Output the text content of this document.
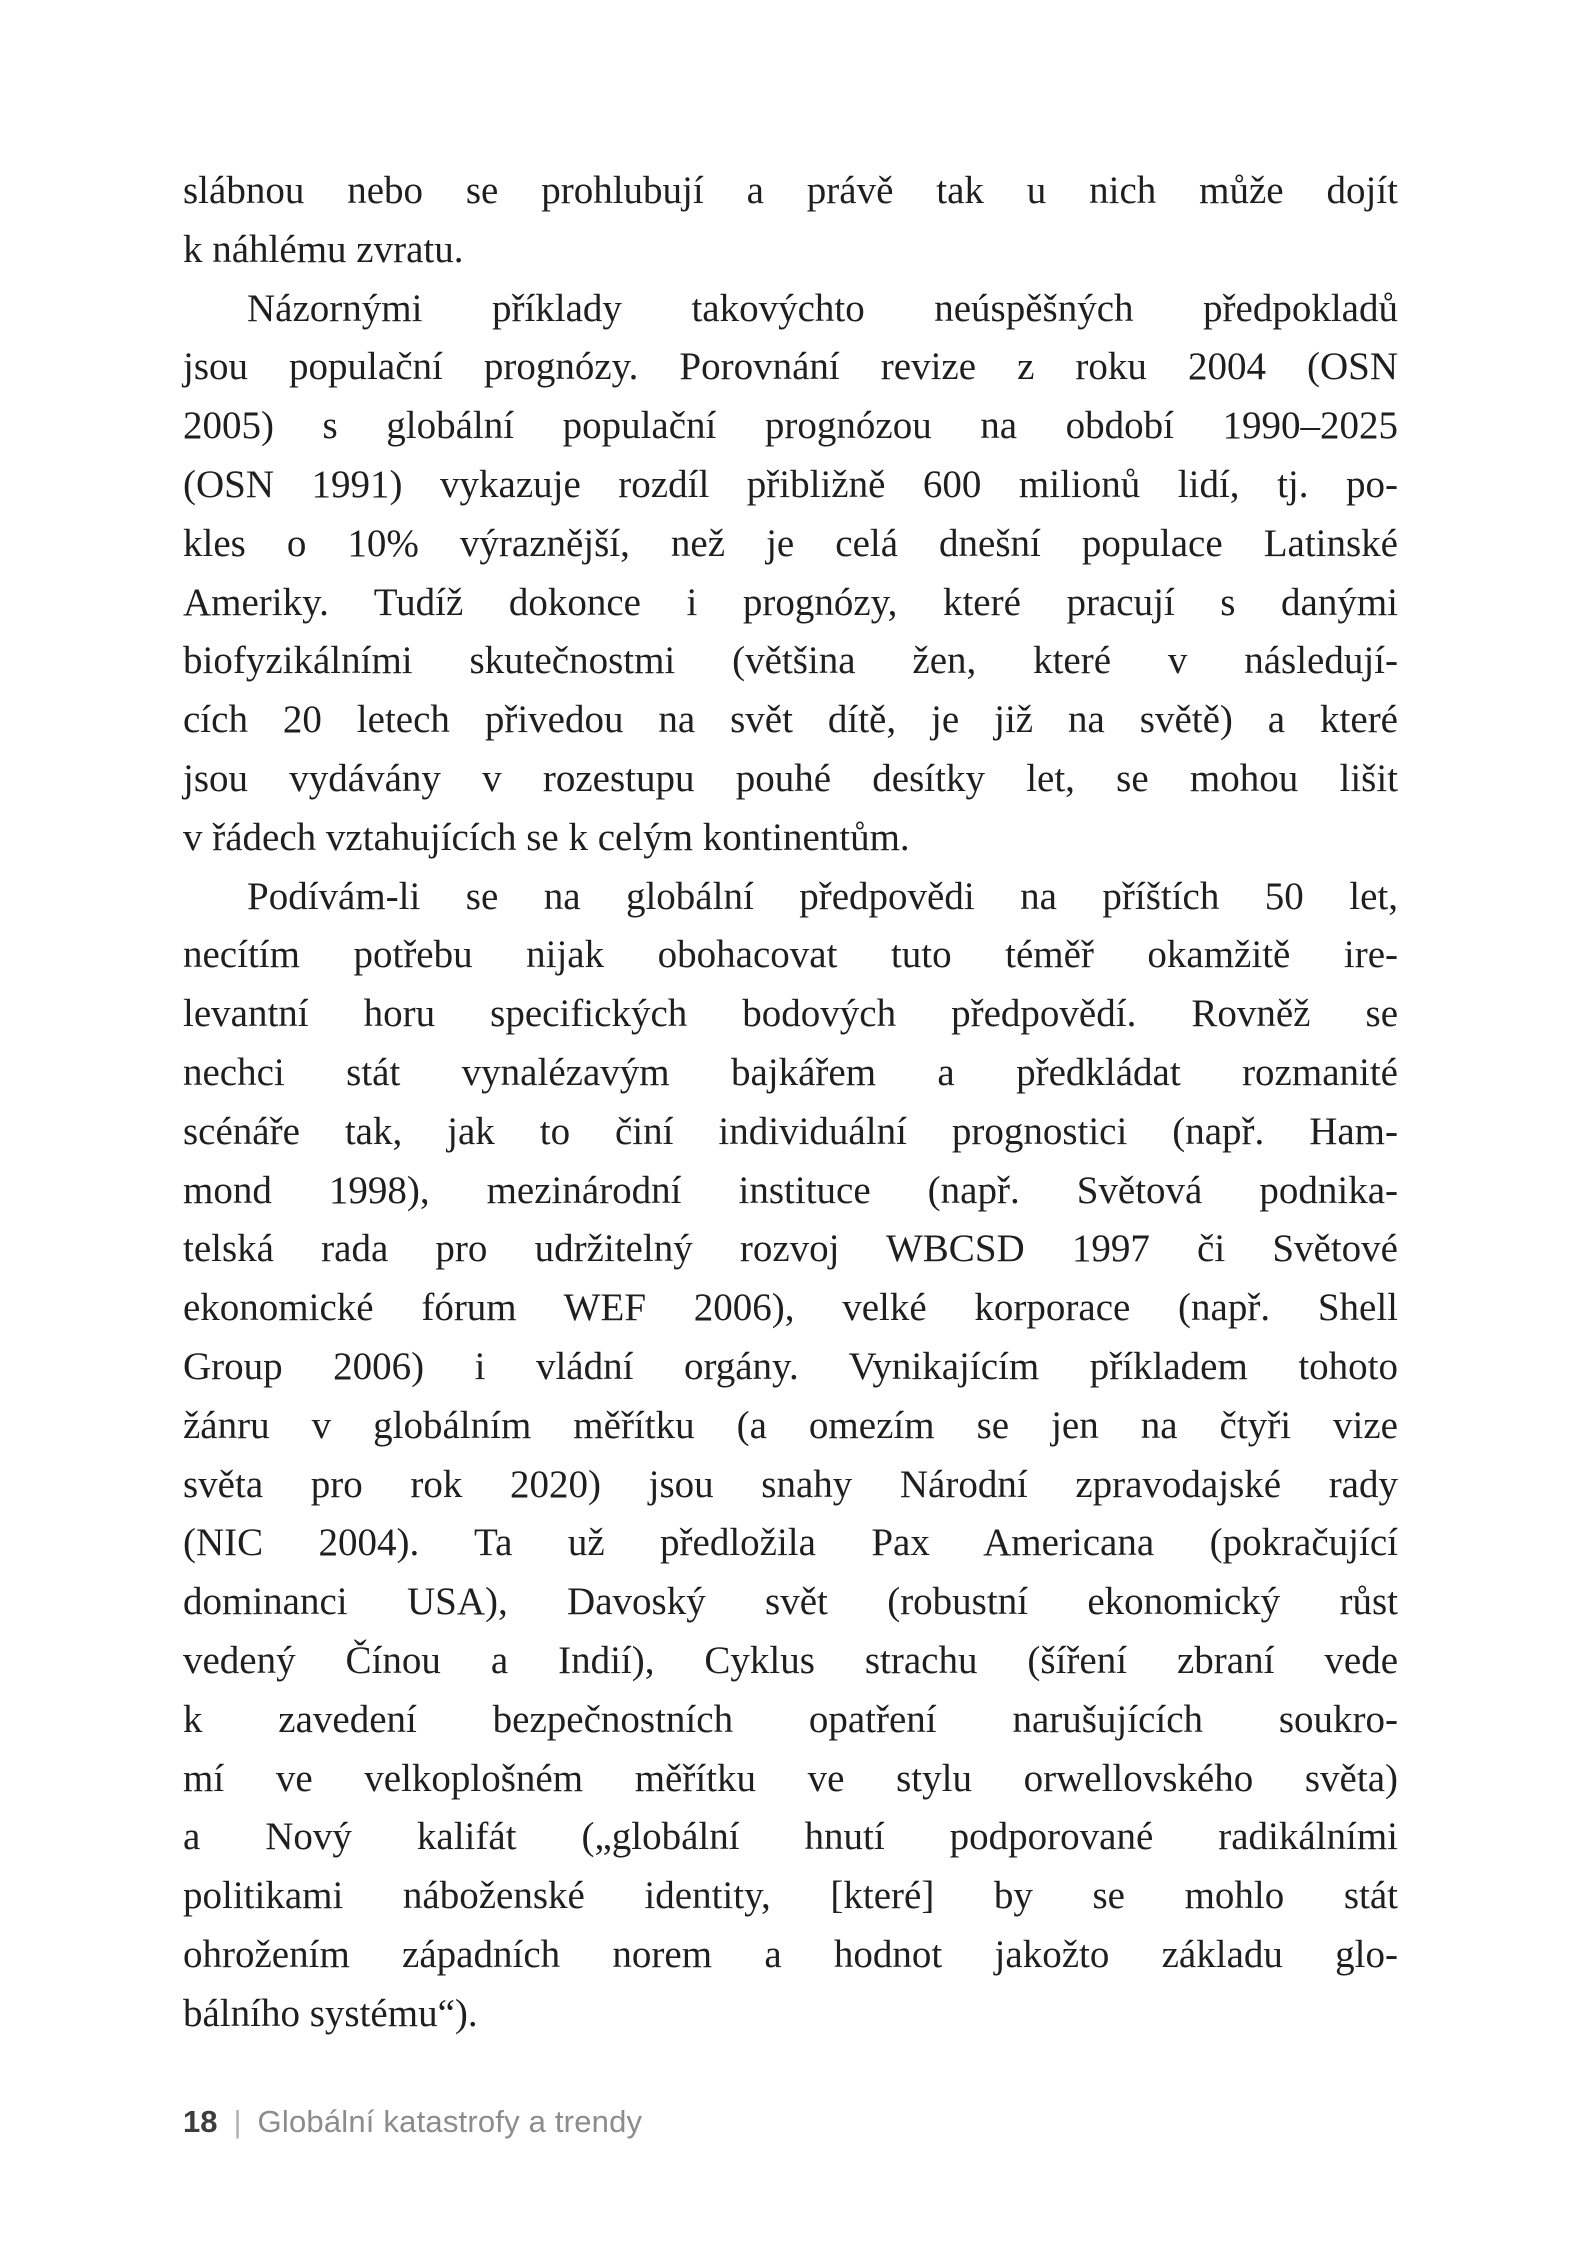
slábnou nebo se prohlubují a právě tak u nich může dojít
k náhlému zvratu.
Názornými příklady takovýchto neúspěšných předpokladů
jsou populační prognózy. Porovnání revize z roku 2004 (OSN
2005) s globální populační prognózou na období 1990–2025
(OSN 1991) vykazuje rozdíl přibližně 600 milionů lidí, tj. po-
kles o 10% výraznější, než je celá dnešní populace Latinské
Ameriky. Tudíž dokonce i prognózy, které pracují s danými
biofyzikálními skutečnostmi (většina žen, které v následují-
cích 20 letech přivedou na svět dítě, je již na světě) a které
jsou vydávány v rozestupu pouhé desítky let, se mohou lišit
v řádech vztahujících se k celým kontinentům.
Podívám-li se na globální předpovědi na příštích 50 let,
necítím potřebu nijak obohacovat tuto téměř okamžitě ire-
levantní horu specifických bodových předpovědí. Rovněž se
nechci stát vynalézavým bajkářem a předkládat rozmanité
scénáře tak, jak to činí individuální prognostici (např. Ham-
mond 1998), mezinárodní instituce (např. Světová podnika-
telská rada pro udržitelný rozvoj WBCSD 1997 či Světové
ekonomické fórum WEF 2006), velké korporace (např. Shell
Group 2006) i vládní orgány. Vynikajícím příkladem tohoto
žánru v globálním měřítku (a omezím se jen na čtyři vize
světa pro rok 2020) jsou snahy Národní zpravodajské rady
(NIC 2004). Ta už předložila Pax Americana (pokračující
dominanci USA), Davoský svět (robustní ekonomický růst
vedený Čínou a Indií), Cyklus strachu (šíření zbraní vede
k zavedení bezpečnostních opatření narušujících soukro-
mí ve velkoplošném měřítku ve stylu orwellovského světa)
a Nový kalifát („globální hnutí podporované radikálními
politikami náboženské identity, [které] by se mohlo stát
ohrožením západních norem a hodnot jakožto základu glo-
bálního systému“).
18 | Globální katastrofy a trendy
